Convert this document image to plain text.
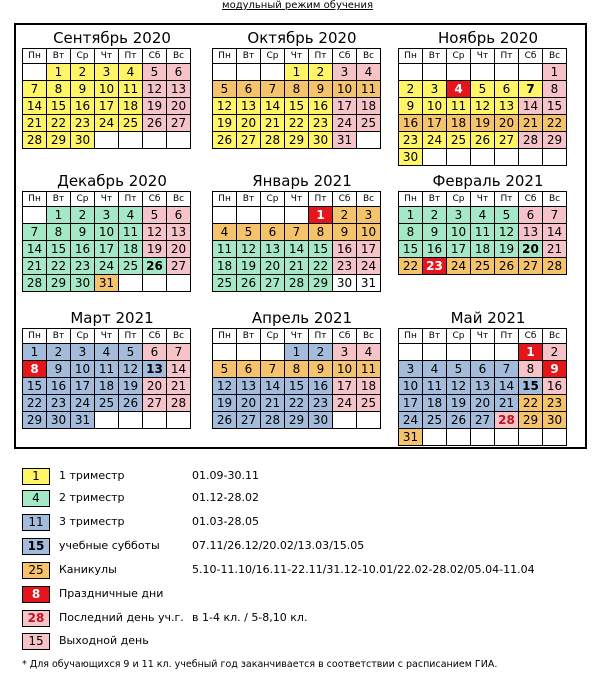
модульный режим обучения
Сентябрь 2020
Пн	Вт	Ср	Чт	Пт	Сб	Вс
	1	2	3	4	5	6
7	8	9	10	11	12	13
14	15	16	17	18	19	20
21	22	23	24	25	26	27
28	29	30				
Октябрь 2020
Пн	Вт	Ср	Чт	Пт	Сб	Вс
			1	2	3	4
5	6	7	8	9	10	11
12	13	14	15	16	17	18
19	20	21	22	23	24	25
26	27	28	29	30	31	
Ноябрь 2020
Пн	Вт	Ср	Чт	Пт	Сб	Вс
						1
2	3	4	5	6	7	8
9	10	11	12	13	14	15
16	17	18	19	20	21	22
23	24	25	26	27	28	29
30						
Декабрь 2020
Пн	Вт	Ср	Чт	Пт	Сб	Вс
	1	2	3	4	5	6
7	8	9	10	11	12	13
14	15	16	17	18	19	20
21	22	23	24	25	26	27
28	29	30	31			
Январь 2021
Пн	Вт	Ср	Чт	Пт	Сб	Вс
				1	2	3
4	5	6	7	8	9	10
11	12	13	14	15	16	17
18	19	20	21	22	23	24
25	26	27	28	29	30	31
Февраль 2021
Пн	Вт	Ср	Чт	Пт	Сб	Вс
1	2	3	4	5	6	7
8	9	10	11	12	13	14
15	16	17	18	19	20	21
22	23	24	25	26	27	28
Март 2021
Пн	Вт	Ср	Чт	Пт	Сб	Вс
1	2	3	4	5	6	7
8	9	10	11	12	13	14
15	16	17	18	19	20	21
22	23	24	25	26	27	28
29	30	31				
Апрель 2021
Пн	Вт	Ср	Чт	Пт	Сб	Вс
			1	2	3	4
5	6	7	8	9	10	11
12	13	14	15	16	17	18
19	20	21	22	23	24	25
26	27	28	29	30		
Май 2021
Пн	Вт	Ср	Чт	Пт	Сб	Вс
					1	2
3	4	5	6	7	8	9
10	11	12	13	14	15	16
17	18	19	20	21	22	23
24	25	26	27	28	29	30
31						
1	1 триместр	01.09-30.11
4	2 триместр	01.12-28.02
11	3 триместр	01.03-28.05
15	учебные субботы	07.11/26.12/20.02/13.03/15.05
25	Каникулы	5.10-11.10/16.11-22.11/31.12-10.01/22.02-28.02/05.04-11.04
8	Праздничные дни
28	Последний день уч.г. в 1-4 кл. / 5-8,10 кл.
15	Выходной день
* Для обучающихся 9 и 11 кл. учебный год заканчивается в соответствии с расписанием ГИА.
